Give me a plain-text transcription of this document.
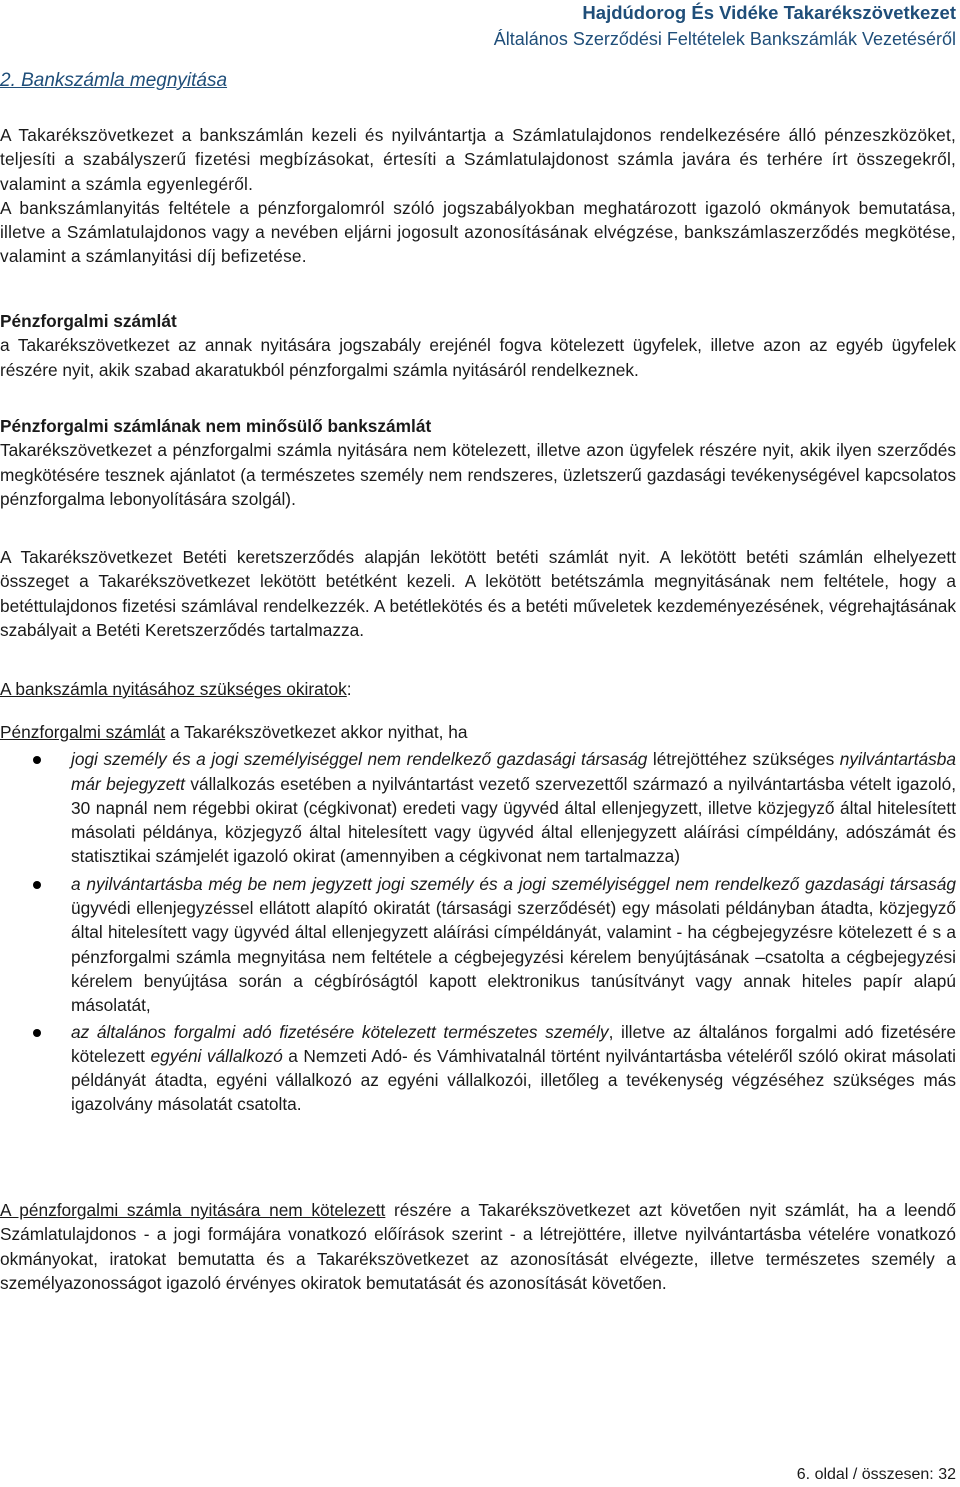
Hajdúdorog És Vidéke Takarékszövetkezet
Általános Szerződési Feltételek Bankszámlák Vezetéséről
2. Bankszámla megnyitása

A Takarékszövetkezet a bankszámlán kezeli és nyilvántartja a Számlatulajdonos rendelkezésére álló pénzeszközöket, teljesíti a szabályszerű fizetési megbízásokat, értesíti a Számlatulajdonost számla javára és terhére írt összegekről, valamint a számla egyenlegéről.

A bankszámlanyitás feltétele a pénzforgalomról szóló jogszabályokban meghatározott igazoló okmányok bemutatása, illetve a Számlatulajdonos vagy a nevében eljárni jogosult azonosításának elvégzése, bankszámlaszerződés megkötése, valamint a számlanyitási díj befizetése.

Pénzforgalmi számlát

a Takarékszövetkezet az annak nyitására jogszabály erejénél fogva kötelezett ügyfelek, illetve azon az egyéb ügyfelek részére nyit, akik szabad akaratukból pénzforgalmi számla nyitásáról rendelkeznek.

Pénzforgalmi számlának nem minősülő bankszámlát

Takarékszövetkezet a pénzforgalmi számla nyitására nem kötelezett, illetve azon ügyfelek részére nyit, akik ilyen szerződés megkötésére tesznek ajánlatot (a természetes személy nem rendszeres, üzletszerű gazdasági tevékenységével kapcsolatos pénzforgalma lebonyolítására szolgál).

A Takarékszövetkezet Betéti keretszerződés alapján lekötött betéti számlát nyit. A lekötött betéti számlán elhelyezett összeget a Takarékszövetkezet lekötött betétként kezeli. A lekötött betétszámla megnyitásának nem feltétele, hogy a betéttulajdonos fizetési számlával rendelkezzék. A betétlekötés és a betéti műveletek kezdeményezésének, végrehajtásának szabályait a Betéti Keretszerződés tartalmazza.

A bankszámla nyitásához szükséges okiratok:

Pénzforgalmi számlát a Takarékszövetkezet akkor nyithat, ha

jogi személy és a jogi személyiséggel nem rendelkező gazdasági társaság létrejöttéhez szükséges nyilvántartásba már bejegyzett vállalkozás esetében a nyilvántartást vezető szervezettől származó a nyilvántartásba vételt igazoló, 30 napnál nem régebbi okirat (cégkivonat) eredeti vagy ügyvéd által ellenjegyzett, illetve közjegyző által hitelesített másolati példánya, közjegyző által hitelesített vagy ügyvéd által ellenjegyzett aláírási címpéldány, adószámát és statisztikai számjelét igazoló okirat (amennyiben a cégkivonat nem tartalmazza)
a nyilvántartásba még be nem jegyzett jogi személy és a jogi személyiséggel nem rendelkező gazdasági társaság ügyvédi ellenjegyzéssel ellátott alapító okiratát (társasági szerződését) egy másolati példányban átadta, közjegyző által hitelesített vagy ügyvéd által ellenjegyzett aláírási címpéldányát, valamint - ha cégbejegyzésre kötelezett é s a pénzforgalmi számla megnyitása nem feltétele a cégbejegyzési kérelem benyújtásának –csatolta a cégbejegyzési kérelem benyújtása során a cégbíróságtól kapott elektronikus tanúsítványt vagy annak hiteles papír alapú másolatát,
az általános forgalmi adó fizetésére kötelezett természetes személy, illetve az általános forgalmi adó fizetésére kötelezett egyéni vállalkozó a Nemzeti Adó- és Vámhivatalnál történt nyilvántartásba vételéről szóló okirat másolati példányát átadta, egyéni vállalkozó az egyéni vállalkozói, illetőleg a tevékenység végzéséhez szükséges más igazolvány másolatát csatolta.

A pénzforgalmi számla nyitására nem kötelezett részére a Takarékszövetkezet azt követően nyit számlát, ha a leendő Számlatulajdonos - a jogi formájára vonatkozó előírások szerint - a létrejöttére, illetve nyilvántartásba vételére vonatkozó okmányokat, iratokat bemutatta és a Takarékszövetkezet az azonosítását elvégezte, illetve természetes személy a személyazonosságot igazoló érvényes okiratok bemutatását és azonosítását követően.

6. oldal / összesen: 32
